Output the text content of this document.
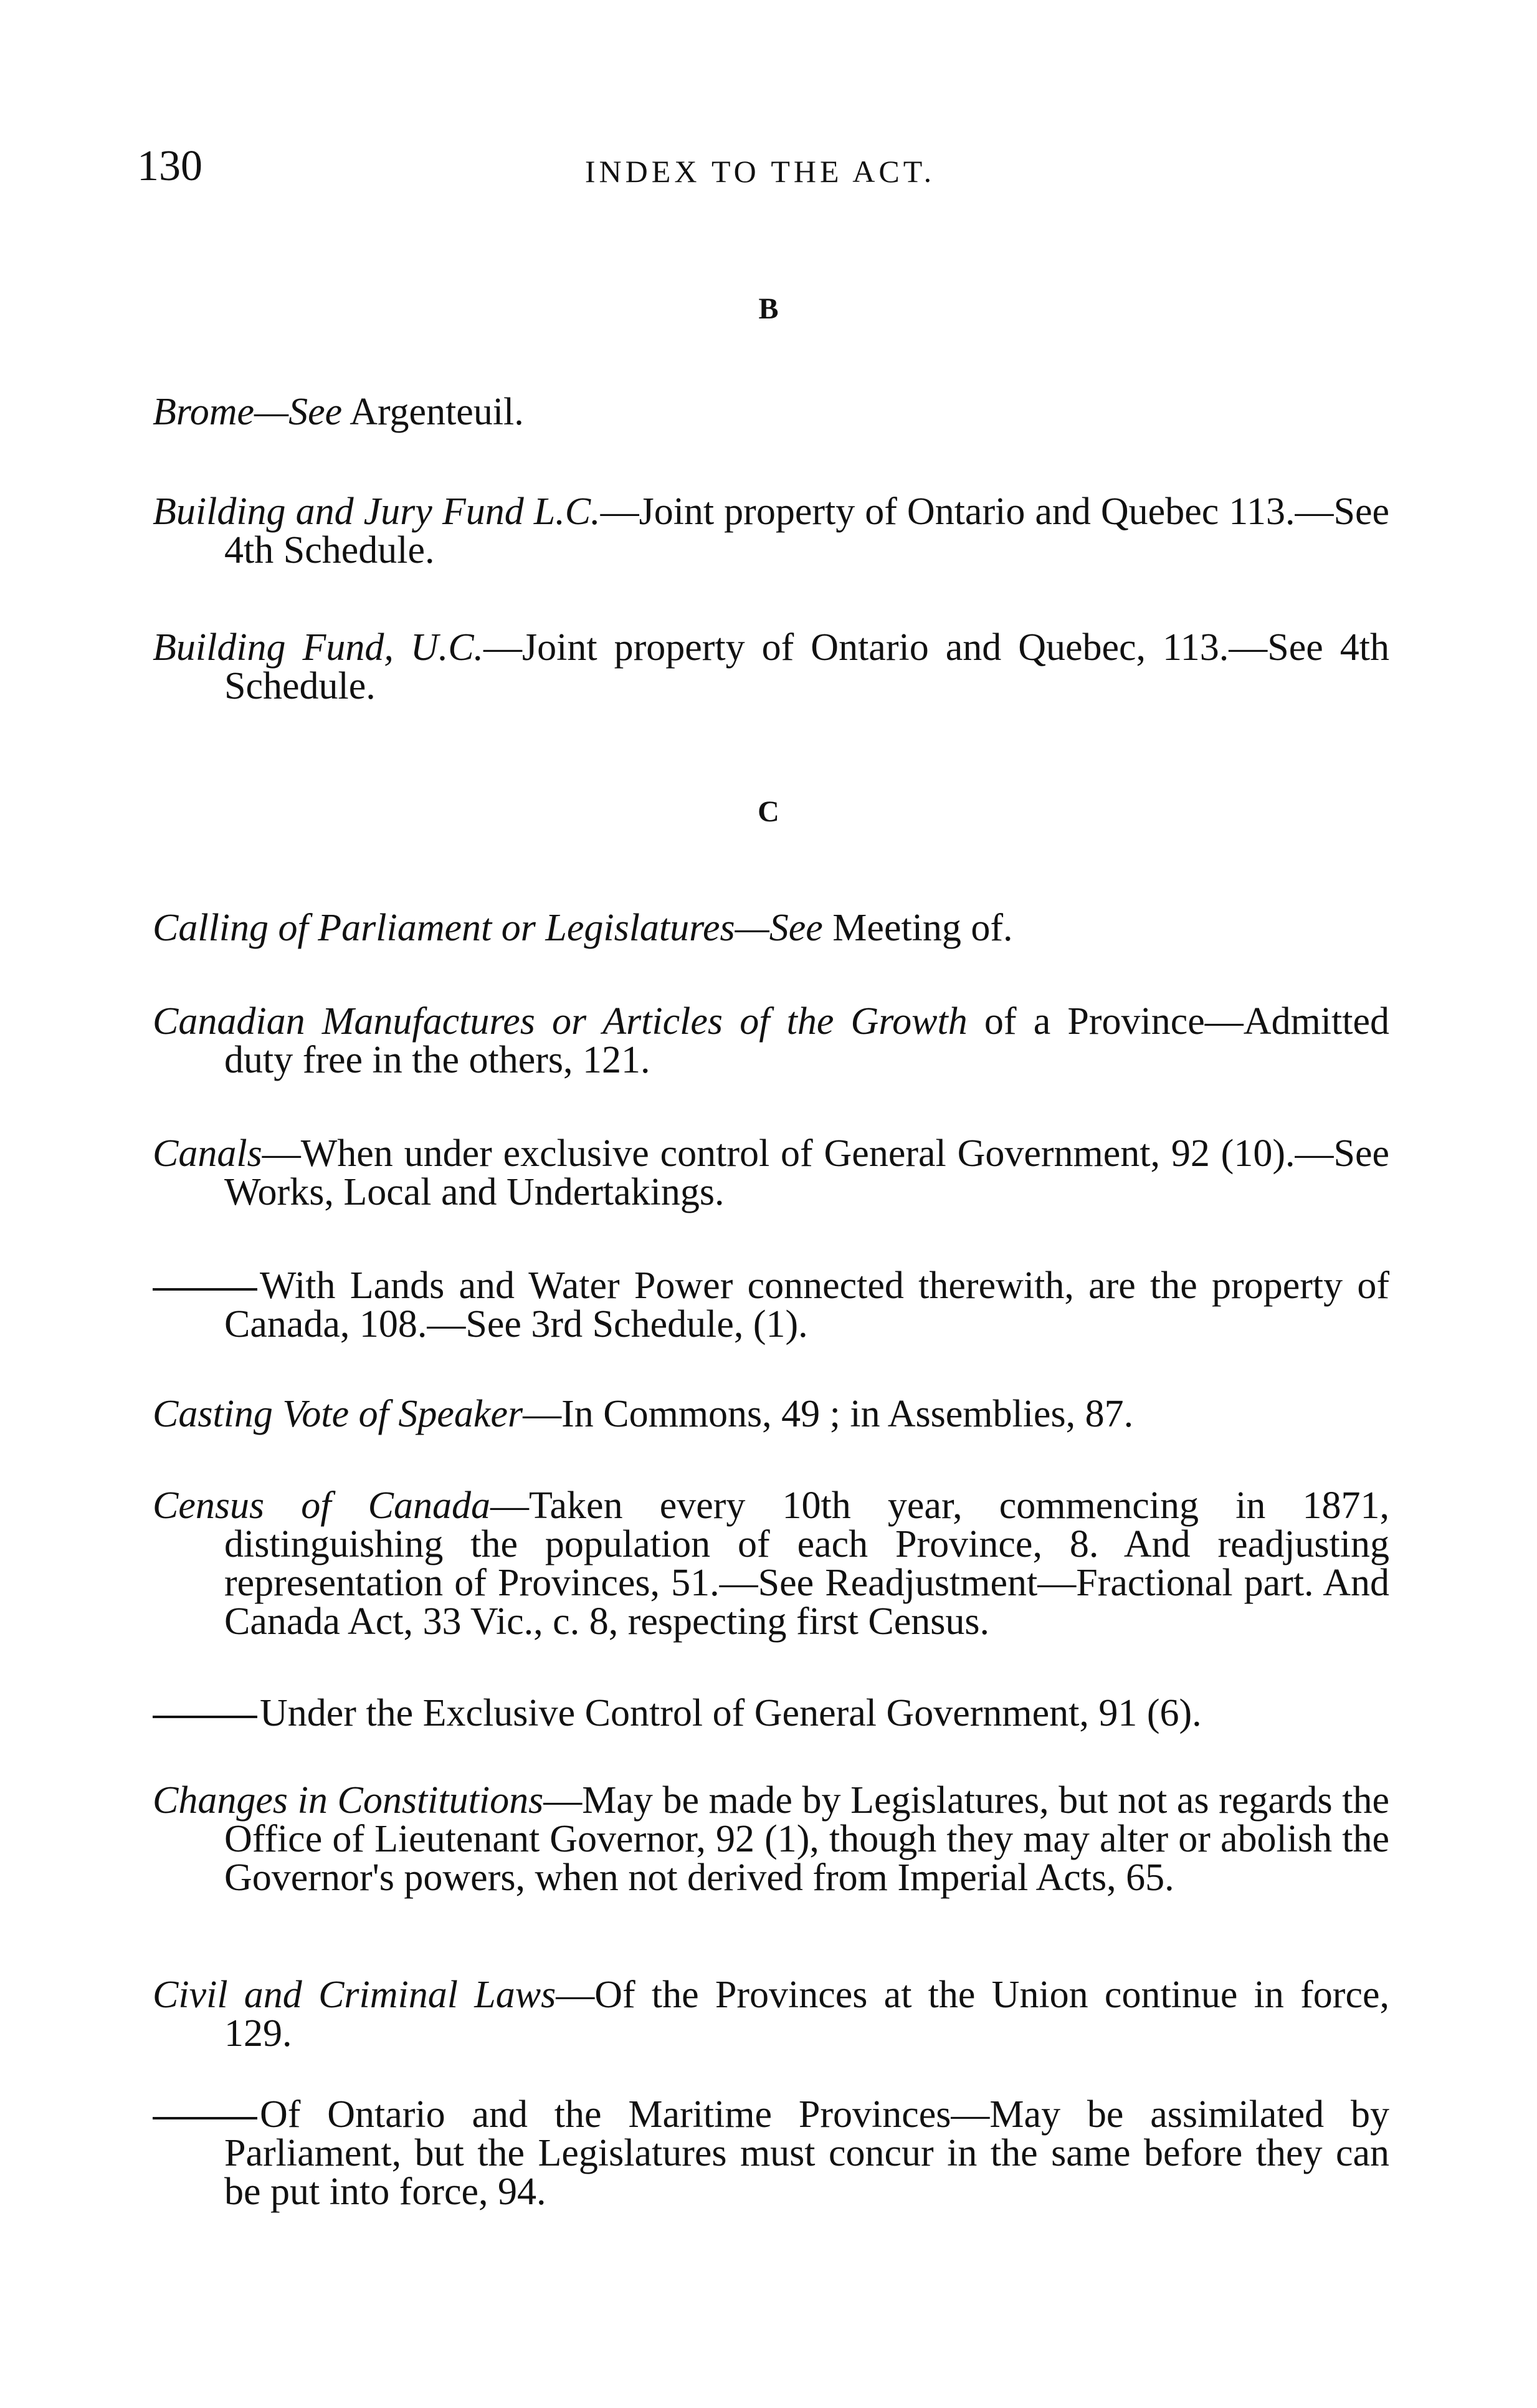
130	INDEX TO THE ACT.
B
Brome—See Argenteuil.
Building and Jury Fund L.C.—Joint property of Ontario and Quebec 113.—See 4th Schedule.
Building Fund, U.C.—Joint property of Ontario and Quebec, 113.—See 4th Schedule.
C
Calling of Parliament or Legislatures—See Meeting of.
Canadian Manufactures or Articles of the Growth of a Province—Admitted duty free in the others, 121.
Canals—When under exclusive control of General Government, 92 (10).—See Works, Local and Undertakings.
With Lands and Water Power connected therewith, are the property of Canada, 108.—See 3rd Schedule, (1).
Casting Vote of Speaker—In Commons, 49 ; in Assemblies, 87.
Census of Canada—Taken every 10th year, commencing in 1871, distinguishing the population of each Province, 8. And readjusting representation of Provinces, 51.—See Readjustment—Fractional part. And Canada Act, 33 Vic., c. 8, respecting first Census.
Under the Exclusive Control of General Government, 91 (6).
Changes in Constitutions—May be made by Legislatures, but not as regards the Office of Lieutenant Governor, 92 (1), though they may alter or abolish the Governor's powers, when not derived from Imperial Acts, 65.
Civil and Criminal Laws—Of the Provinces at the Union continue in force, 129.
Of Ontario and the Maritime Provinces—May be assimilated by Parliament, but the Legislatures must concur in the same before they can be put into force, 94.
